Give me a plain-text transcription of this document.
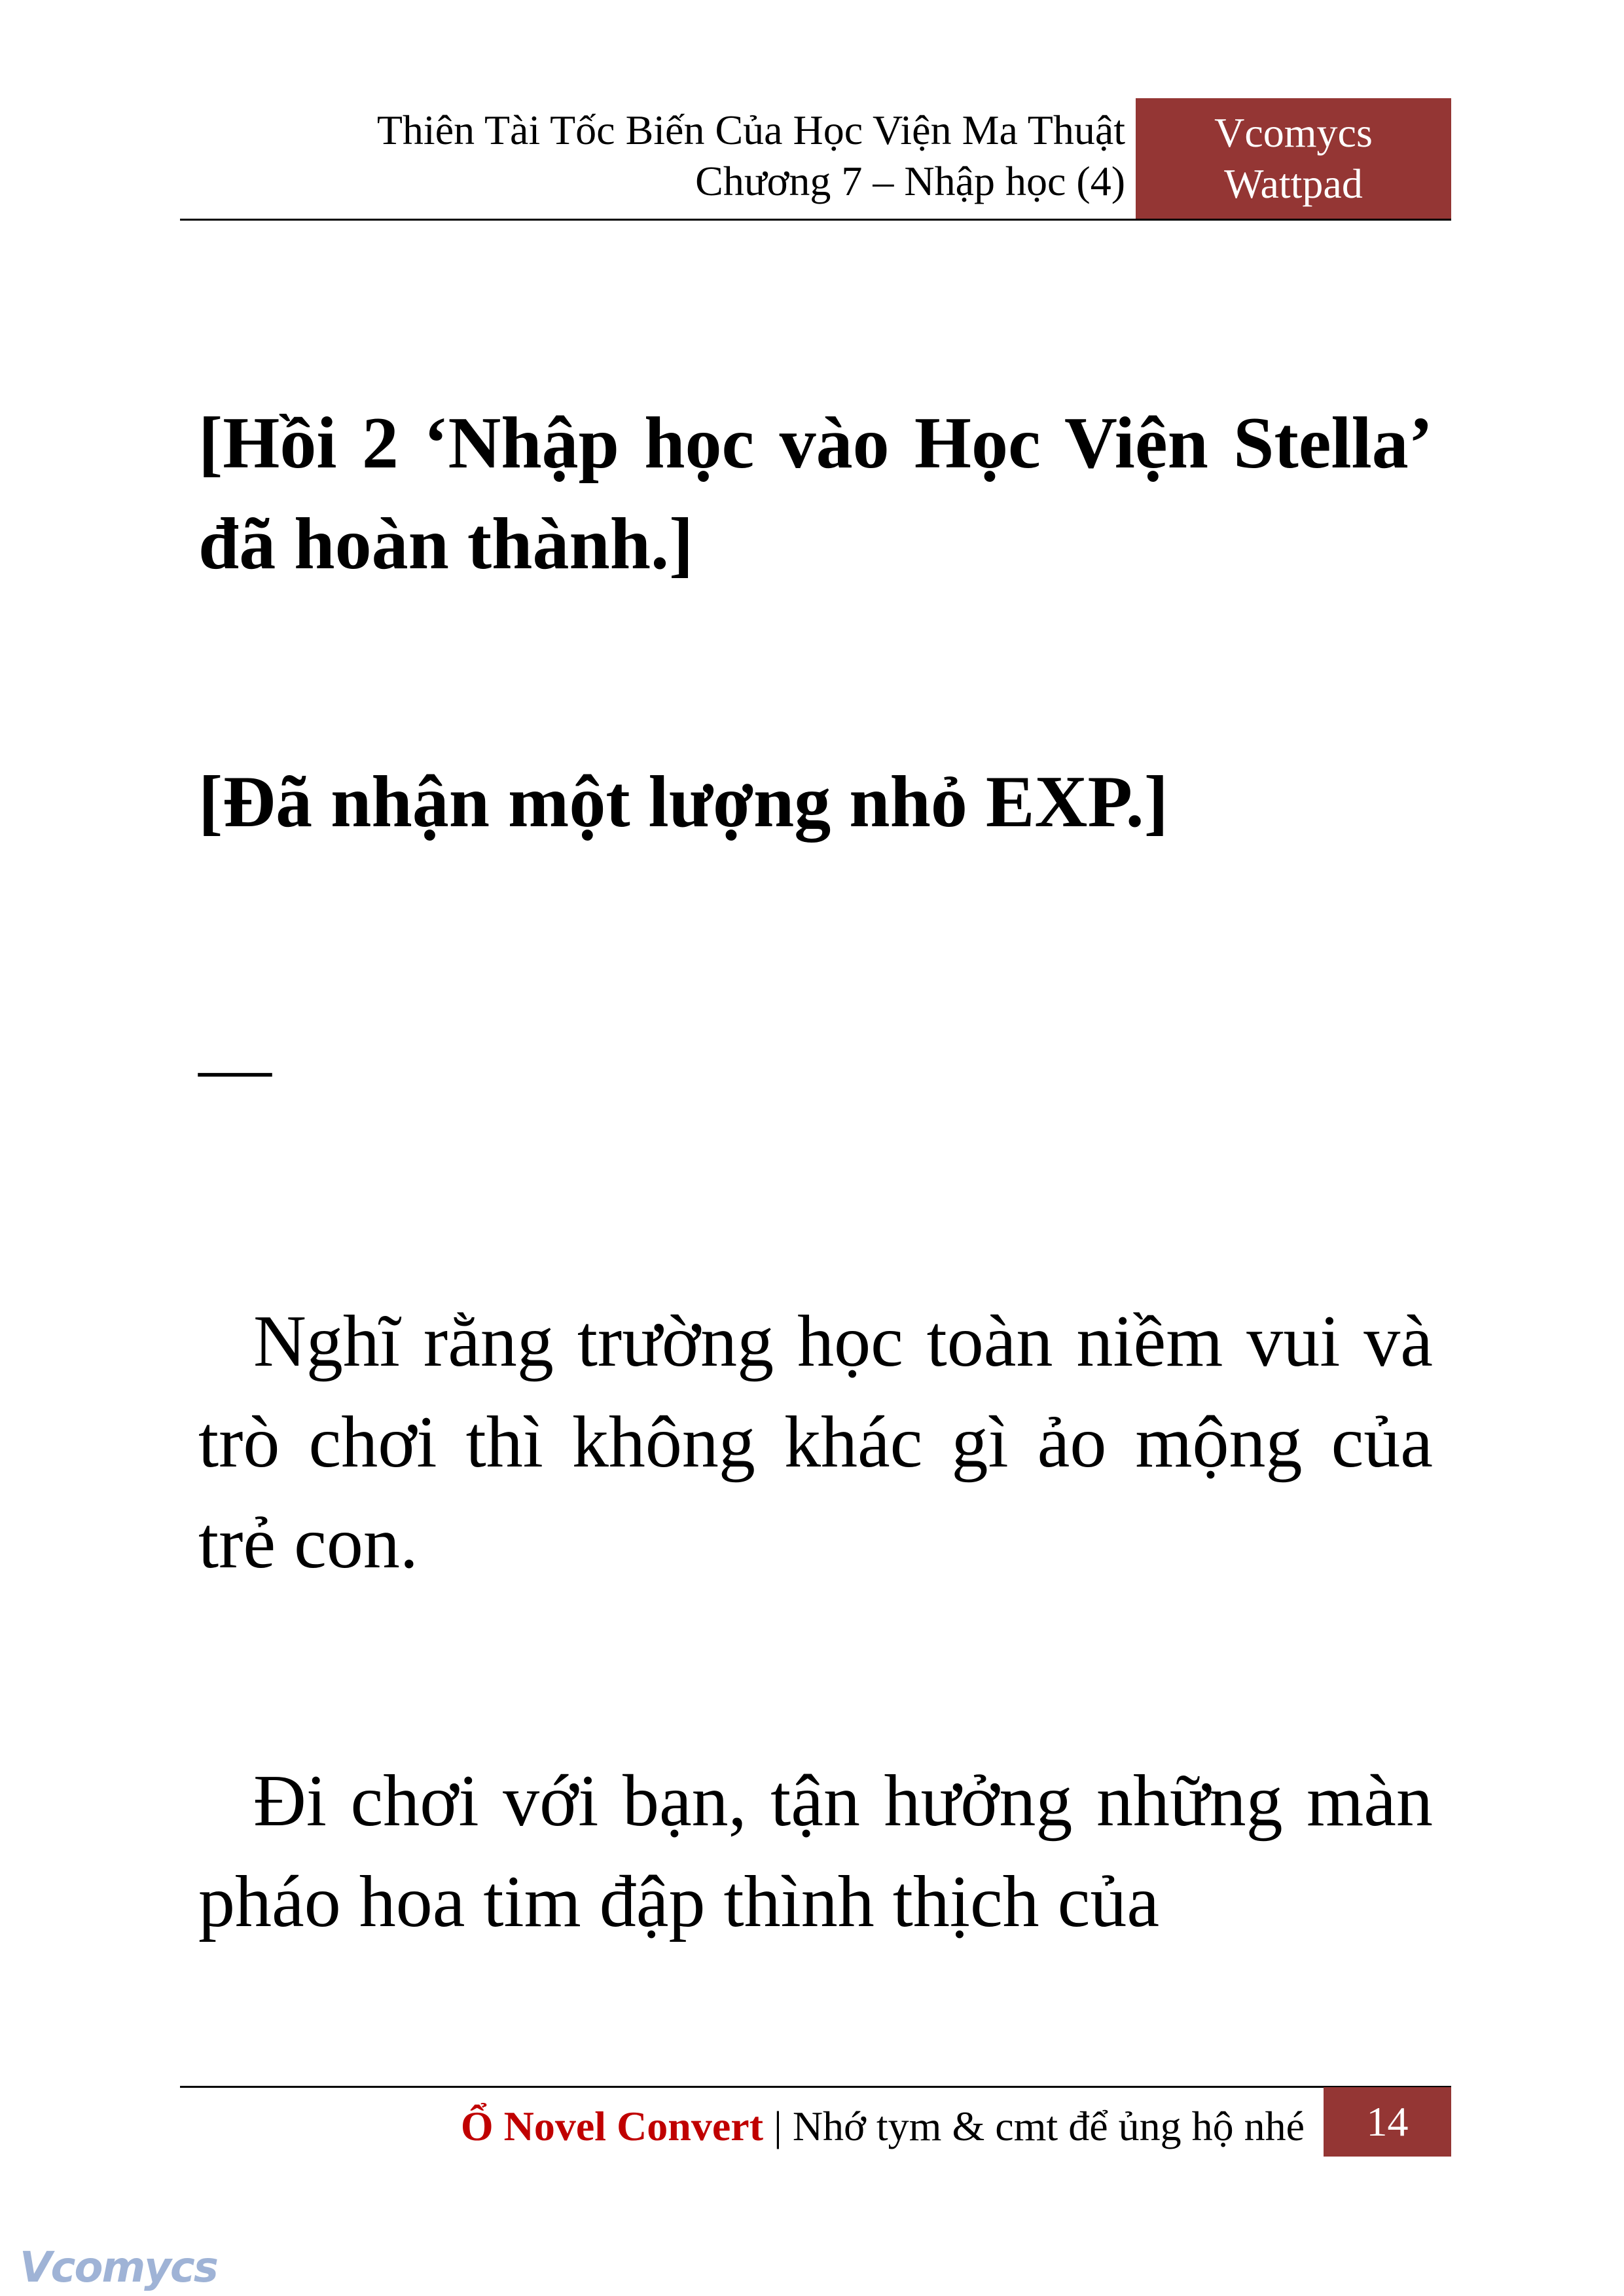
Thiên Tài Tốc Biến Của Học Viện Ma Thuật
Chương 7 – Nhập học (4)
Vcomycs
Wattpad

[Hồi 2 ‘Nhập học vào Học Viện Stella’ đã hoàn thành.]

[Đã nhận một lượng nhỏ EXP.]

—

Nghĩ rằng trường học toàn niềm vui và trò chơi thì không khác gì ảo mộng của trẻ con.

Đi chơi với bạn, tận hưởng những màn pháo hoa tim đập thình thịch của

Ổ Novel Convert | Nhớ tym & cmt để ủng hộ nhé	14
Vcomycs
